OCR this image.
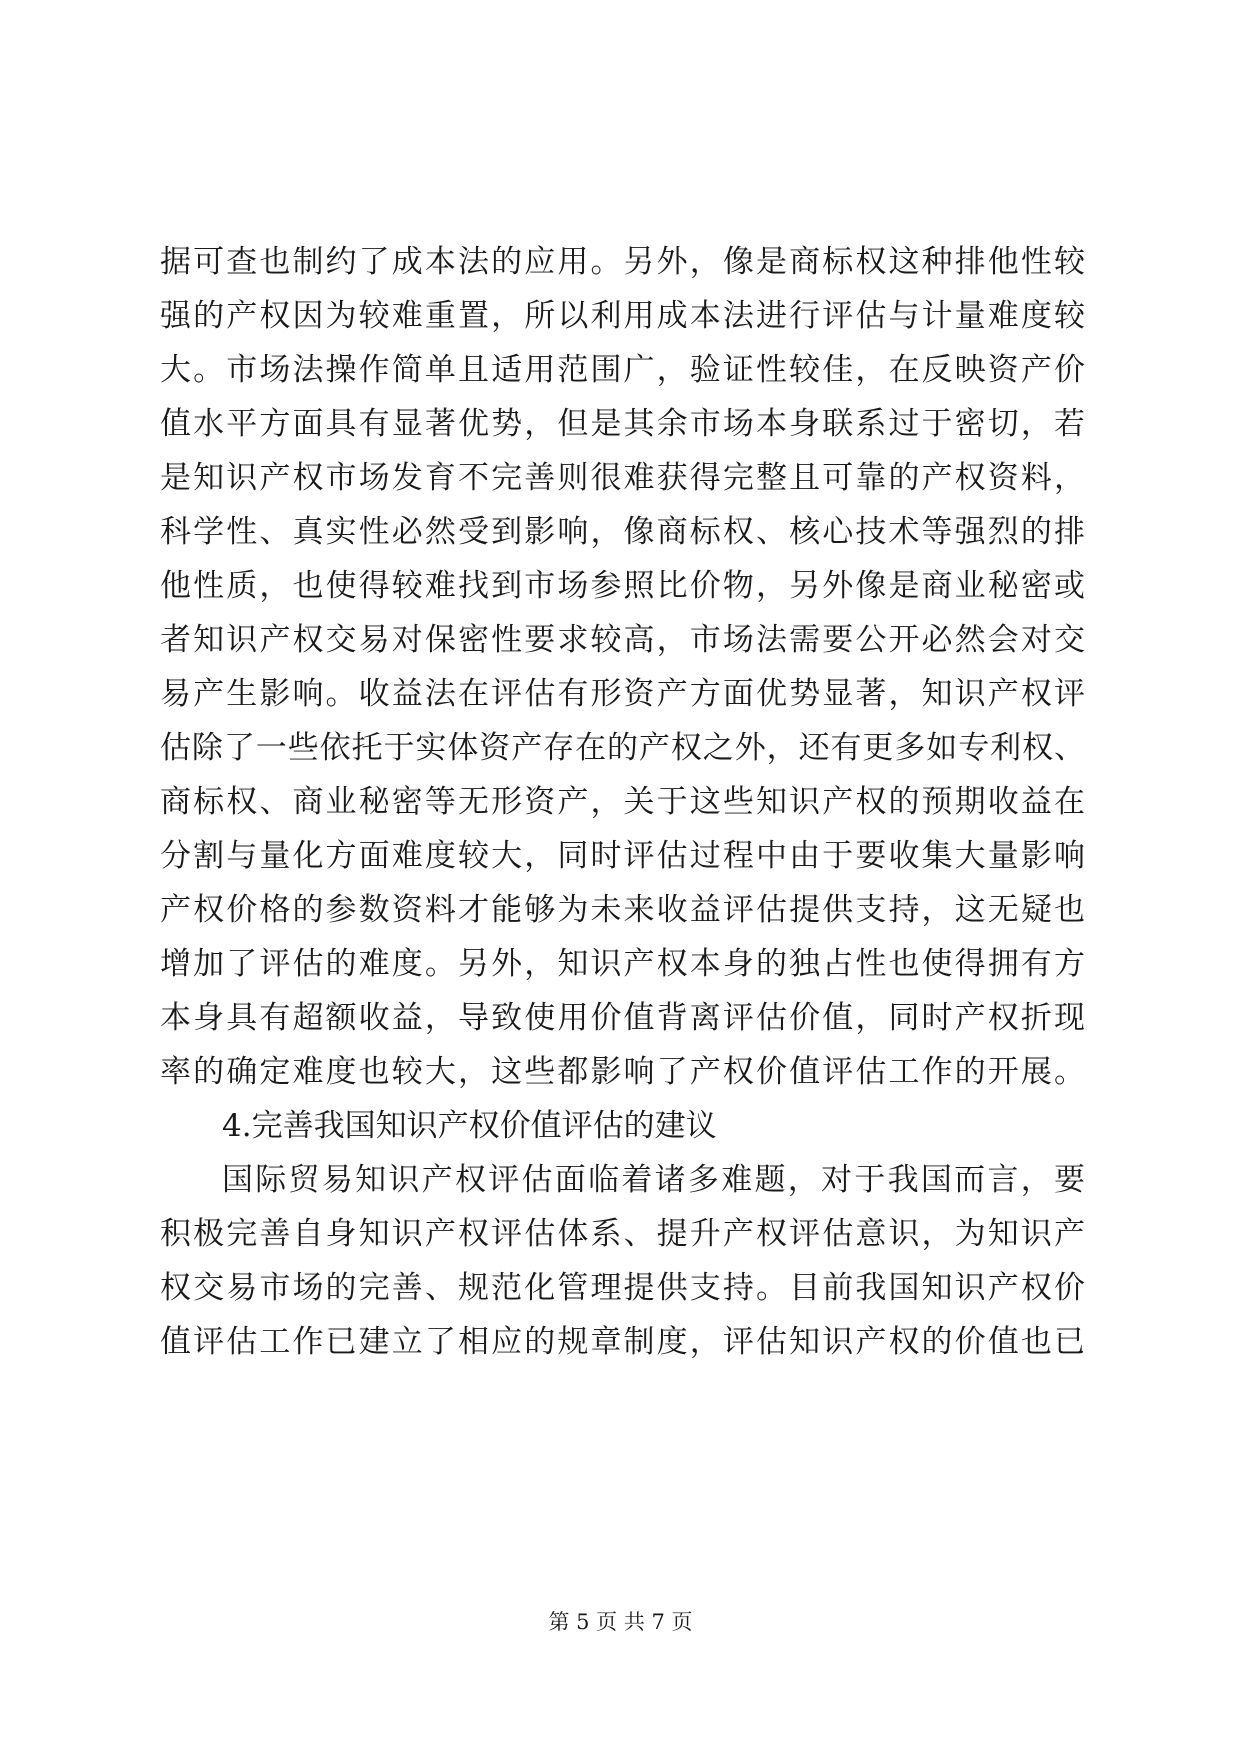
据可查也制约了成本法的应用。另外，像是商标权这种排他性较
强的产权因为较难重置，所以利用成本法进行评估与计量难度较
大。市场法操作简单且适用范围广，验证性较佳，在反映资产价
值水平方面具有显著优势，但是其余市场本身联系过于密切，若
是知识产权市场发育不完善则很难获得完整且可靠的产权资料，
科学性、真实性必然受到影响，像商标权、核心技术等强烈的排
他性质，也使得较难找到市场参照比价物，另外像是商业秘密或
者知识产权交易对保密性要求较高，市场法需要公开必然会对交
易产生影响。收益法在评估有形资产方面优势显著，知识产权评
估除了一些依托于实体资产存在的产权之外，还有更多如专利权、
商标权、商业秘密等无形资产，关于这些知识产权的预期收益在
分割与量化方面难度较大，同时评估过程中由于要收集大量影响
产权价格的参数资料才能够为未来收益评估提供支持，这无疑也
增加了评估的难度。另外，知识产权本身的独占性也使得拥有方
本身具有超额收益，导致使用价值背离评估价值，同时产权折现
率的确定难度也较大，这些都影响了产权价值评估工作的开展。
4.完善我国知识产权价值评估的建议
国际贸易知识产权评估面临着诸多难题，对于我国而言，要
积极完善自身知识产权评估体系、提升产权评估意识，为知识产
权交易市场的完善、规范化管理提供支持。目前我国知识产权价
值评估工作已建立了相应的规章制度，评估知识产权的价值也已
第 5 页 共 7 页
